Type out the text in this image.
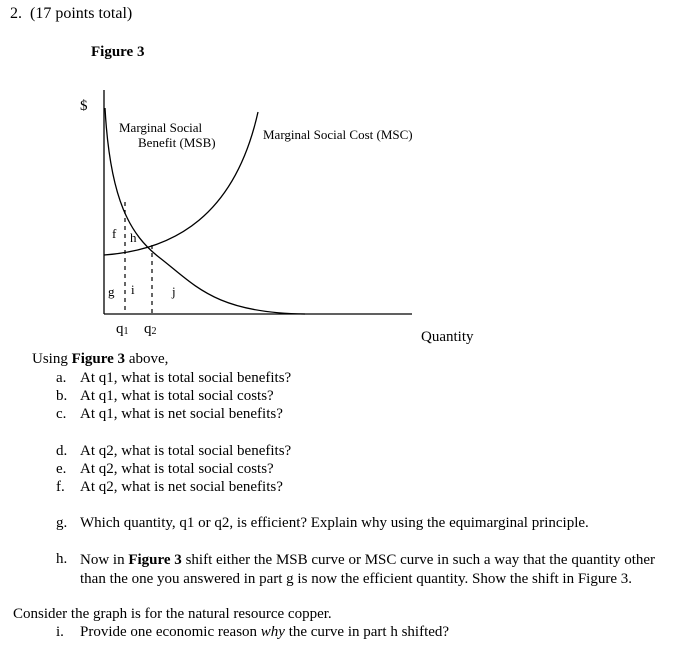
2. (17 points total)
Figure 3
$
Marginal Social
Benefit (MSB)
Marginal Social Cost (MSC)
f h
g i	j
q1 q2	Quantity
Using Figure 3 above,
a. At q1, what is total social benefits?
b. At q1, what is total social costs?
c. At q1, what is net social benefits?
d. At q2, what is total social benefits?
e. At q2, what is total social costs?
f. At q2, what is net social benefits?
g. Which quantity, q1 or q2, is efficient? Explain why using the equimarginal principle.
h. Now in Figure 3 shift either the MSB curve or MSC curve in such a way that the quantity other than the one you answered in part g is now the efficient quantity. Show the shift in Figure 3.
Consider the graph is for the natural resource copper.
i. Provide one economic reason why the curve in part h shifted?
